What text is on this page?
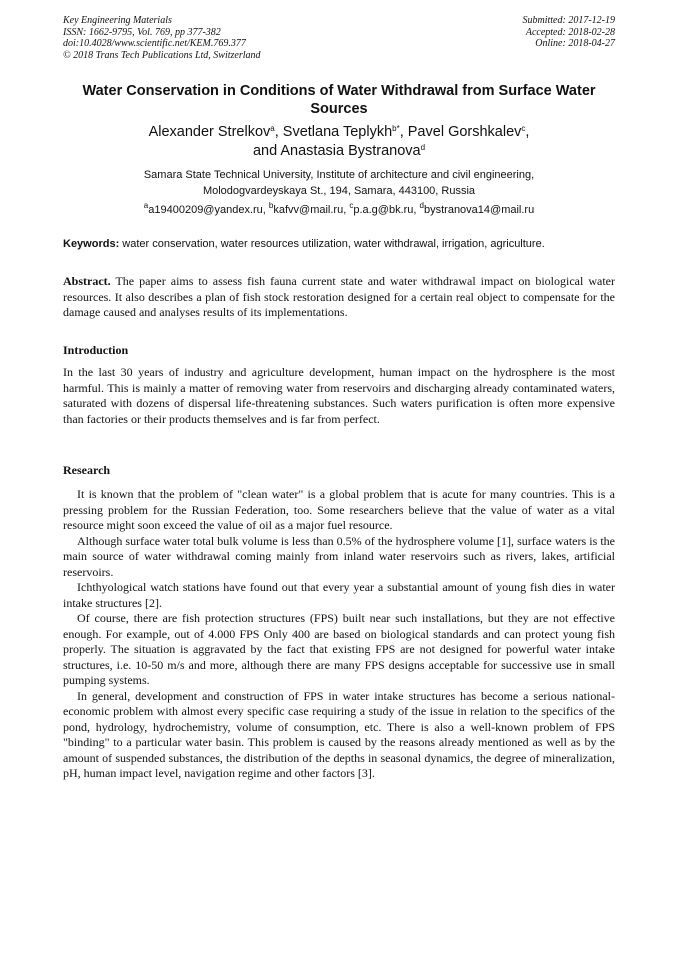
Key Engineering Materials
ISSN: 1662-9795, Vol. 769, pp 377-382
doi:10.4028/www.scientific.net/KEM.769.377
© 2018 Trans Tech Publications Ltd, Switzerland
Submitted: 2017-12-19
Accepted: 2018-02-28
Online: 2018-04-27
Water Conservation in Conditions of Water Withdrawal from Surface Water Sources
Alexander Strelkov$^a$, Svetlana Teplykh$^{b*}$, Pavel Gorshkalev$^c$,
and Anastasia Bystranova$^d$
Samara State Technical University, Institute of architecture and civil engineering,
Molodogvardeyskaya St., 194, Samara, 443100, Russia
$^a$a19400209@yandex.ru, $^b$kafvv@mail.ru, $^c$p.a.g@bk.ru, $^d$bystranova14@mail.ru
Keywords: water conservation, water resources utilization, water withdrawal, irrigation, agriculture.
Abstract. The paper aims to assess fish fauna current state and water withdrawal impact on biological water resources. It also describes a plan of fish stock restoration designed for a certain real object to compensate for the damage caused and analyses results of its implementations.
Introduction

In the last 30 years of industry and agriculture development, human impact on the hydrosphere is the most harmful. This is mainly a matter of removing water from reservoirs and discharging already contaminated waters, saturated with dozens of dispersal life-threatening substances. Such waters purification is often more expensive than factories or their products themselves and is far from perfect.

Research

It is known that the problem of "clean water" is a global problem that is acute for many countries. This is a pressing problem for the Russian Federation, too. Some researchers believe that the value of water as a vital resource might soon exceed the value of oil as a major fuel resource.

Although surface water total bulk volume is less than 0.5% of the hydrosphere volume [1], surface waters is the main source of water withdrawal coming mainly from inland water reservoirs such as rivers, lakes, artificial reservoirs.

Ichthyological watch stations have found out that every year a substantial amount of young fish dies in water intake structures [2].

Of course, there are fish protection structures (FPS) built near such installations, but they are not effective enough. For example, out of 4.000 FPS Only 400 are based on biological standards and can protect young fish properly. The situation is aggravated by the fact that existing FPS are not designed for powerful water intake structures, i.e. 10-50 m/s and more, although there are many FPS designs acceptable for successive use in small pumping systems.

In general, development and construction of FPS in water intake structures has become a serious national-economic problem with almost every specific case requiring a study of the issue in relation to the specifics of the pond, hydrology, hydrochemistry, volume of consumption, etc. There is also a well-known problem of FPS "binding" to a particular water basin. This problem is caused by the reasons already mentioned as well as by the amount of suspended substances, the distribution of the depths in seasonal dynamics, the degree of mineralization, pH, human impact level, navigation regime and other factors [3].
